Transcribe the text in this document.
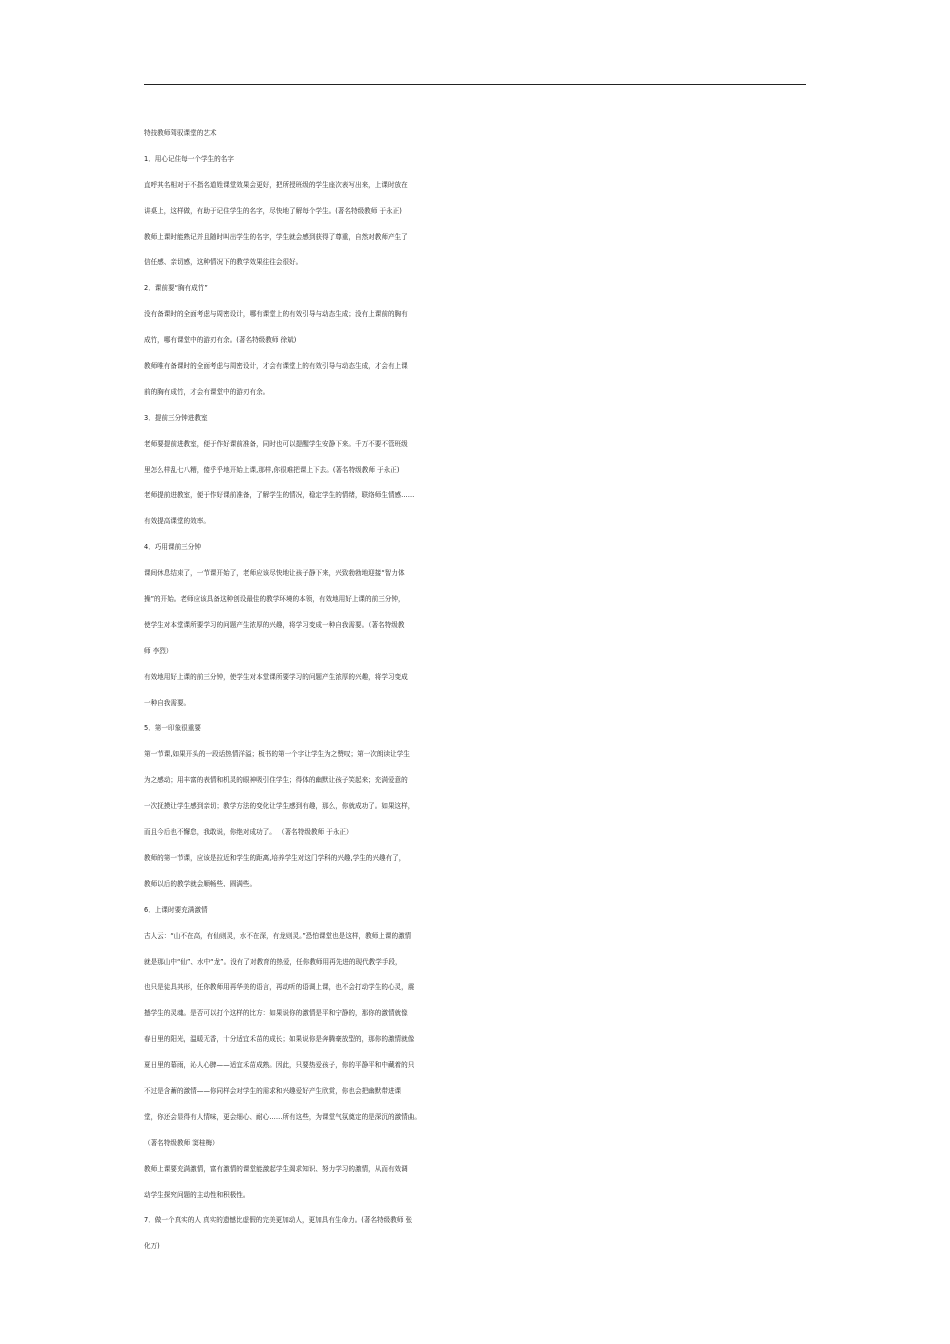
特技教师驾驭课堂的艺术
1．用心记住每一个学生的名字
直呼其名相对于不指名道姓课堂效果会更好，把所授班级的学生座次表写出来，上课时放在
讲桌上，这样做，有助于记住学生的名字，尽快地了解每个学生。(著名特级教师 于永正)
教师上课时能熟记并且随时叫出学生的名字，学生就会感到获得了尊重，自然对教师产生了
信任感、亲切感，这种情况下的教学效果往往会很好。
2．课前要“胸有成竹”
没有备课时的全面考虑与周密设计，哪有课堂上的有效引导与动态生成；没有上课前的胸有
成竹，哪有课堂中的游刃有余。(著名特级教师 徐斌)
教师唯有备课时的全面考虑与周密设计，才会有课堂上的有效引导与动态生成，才会有上课
前的胸有成竹，才会有课堂中的游刃有余。
3．提前三分钟进教室
老师要提前进教室，便于作好课前准备，同时也可以提醒学生安静下来。千万不要不管班级
里怎么样乱七八糟，傻乎乎地开始上课,那样,你很难把课上下去。(著名特级教师 于永正)
老师提前进教室，便于作好课前准备，了解学生的情况，稳定学生的情绪，联络师生情感……
有效提高课堂的效率。
4．巧用课前三分钟
课间休息结束了，一节课开始了，老师应该尽快地让孩子静下来，兴致勃勃地迎接“智力体
操”的开始。老师应该具备这种创设最佳的教学环境的本领，有效地用好上课的前三分钟，
使学生对本堂课所要学习的问题产生浓厚的兴趣，将学习变成一种自我需要。（著名特级教
师 李烈）
有效地用好上课的前三分钟，使学生对本堂课所要学习的问题产生浓厚的兴趣，将学习变成
一种自我需要。
5．第一印象很重要
第一节课,如果开头的一段话热情洋溢；板书的第一个字让学生为之赞叹；第一次朗读让学生
为之感动；用丰富的表情和机灵的眼神吸引住学生；得体的幽默让孩子笑起来；充满爱意的
一次抚摸让学生感到亲切；教学方法的变化让学生感到有趣，那么，你就成功了。如果这样，
而且今后也不懈怠，我敢说，你绝对成功了。 （著名特级教师 于永正）
教师的第一节课，应该是拉近和学生的距离,培养学生对这门学科的兴趣,学生的兴趣有了，
教师以后的教学就会顺畅些、圆满些。
6．上课时要充满激情
古人云：“山不在高，有仙则灵，水不在深，有龙则灵。”恐怕课堂也是这样，教师上课的激情
就是那山中“仙”、水中“龙”。没有了对教育的热爱，任你教师用再先进的现代教学手段，
也只是徒具其形，任你教师用再华美的语言，再动听的语调上课，也不会打动学生的心灵，震
撼学生的灵魂。是否可以打个这样的比方：如果说你的激情是平和宁静的，那你的激情就像
春日里的阳光，温暖无香，十分适宜禾苗的成长；如果说你是奔腾豪放型的，那你的激情就像
夏日里的幕雨，沁人心脾——适宜禾苗成熟。因此，只要热爱孩子，你的平静平和中藏着的只
不过是含蓄的激情——你同样会对学生的需求和兴趣爱好产生欣赏，你也会把幽默带进课
堂，你还会显得有人情味，更会细心、耐心……所有这些，为课堂气氛奠定的是深沉的激情曲。
（著名特级教师 窦桂梅）
教师上课要充满激情，富有激情的课堂能激起学生渴求知识、努力学习的激情，从而有效调
动学生探究问题的主动性和积极性。
7．做一个真实的人 真实的遗憾比虚假的完美更加动人，更加具有生命力。(著名特级教师 张
化万)
